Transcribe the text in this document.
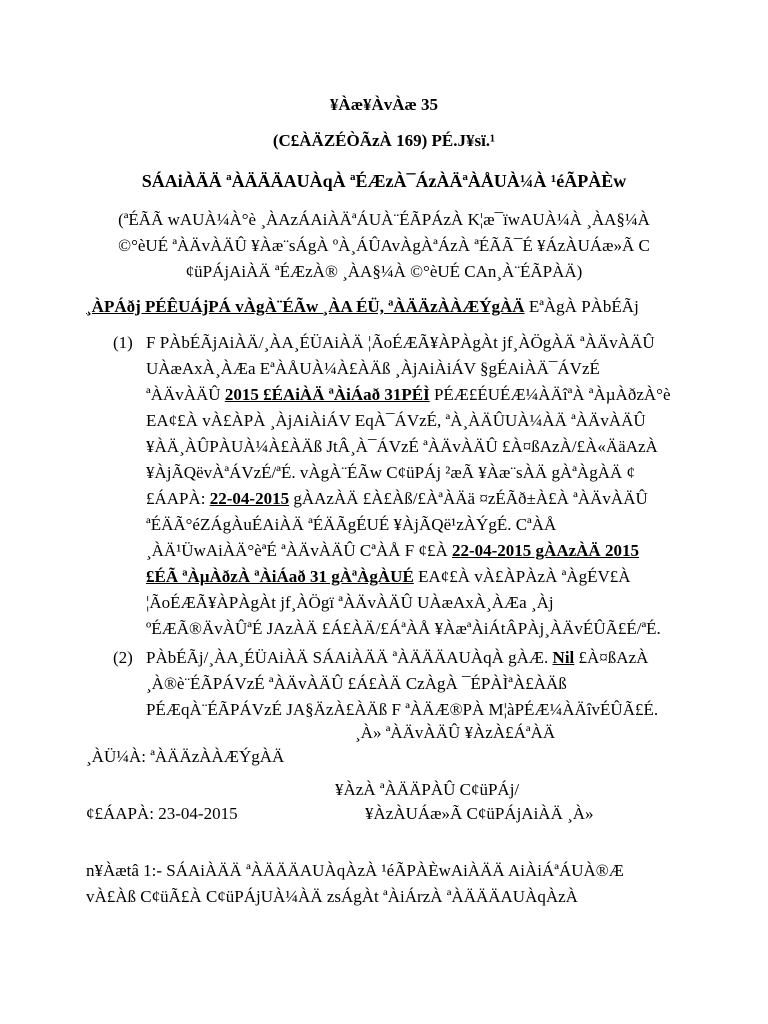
¥Àæ¥ÀvÀæ 35
(C£ÀÄZÉÒÃzÀ 169) PÉ.J¥sï.¹
SÁAiÀÄÄ ªÀÄÄÄAUÀqÀ ªÉÆzÀ¯ÁzÀÄªÀÅUÀ¼À ¹éÃPÀÈw
(ªÉÃÃ wAUÀ¼À°è ¸ÀAzÁAiÀÄªÁUÀ¨ÉÃPÁzÀ K¦æ¯ïwAUÀ¼À ¸ÀA§¼À
©°èUÉ ªÀÄvÀÄÛ ¥Àæ¨sÁgÀ ºÀ¸ÁÛAvÀgÀªÁzÀ ªÉÃÃ¯É ¥ÁzÀUÁæ»Ã C
¢üPÁjAiÀÄ ªÉÆzÀ® ¸ÀA§¼À ©°èUÉ CAn¸À¨ÉÃPÀÄ)
¸ÀPÁðj PÉÊUÁjPÁ vÀgÀ¨ÉÃw ¸ÀA ÉÜ, ªÀÄÄzÀÀÆÝgÀÄ EªÀgÀ PÀbÉÃj
(1) F PÀbÉÃjAiÀÄ/¸ÀA¸ÉÜAiÀÄ ¦ÃoÉÆÃ¥ÀPÀgÀt jf¸ÀÖgÀÄ ªÀÄvÀÄÛ
UÀæAxÀ¸ÀÆa EªÀÅUÀ¼À£ÀÄß ¸ÀjAiÀiÁV §gÉAiÀÄ¯ÁVzÉ
ªÀÄvÀÄÛ 2015 £ÉAiÀÄ ªÀiÁað 31PÉÌ PÉÆ£ÉUÉÆ¼ÀÄîªÀ ªÀµÀðzÀ°è
EA¢£À vÀ£ÀPÀ ¸ÀjAiÀiÁV EqÀ¯ÁVzÉ, ªÀ¸ÀÄÛUÀ¼ÀÄ ªÀÄvÀÄÛ
¥ÀÄ¸ÀÛPÀUÀ¼À£ÀÄß JtÂ¸À¯ÁVzÉ ªÀÄvÀÄÛ £À¤ßAzÀ/£À«ÄäAzÀ
¥ÀjÃQëvÀªÁVzÉ/ªÉ. vÀgÀ¨ÉÃw C¢üPÁj ²æÃ ¥Àæ¨sÀÄ gÀªÀgÀÄ ¢
£ÁAPÀ: 22-04-2015 gÀAzÀÄ £À£Àß/£ÀªÀÄä ¤zÉÃð±À£À ªÀÄvÀÄÛ
ªÉÄÃ°éZÁgÀuÉAiÀÄ ªÉÄÃgÉUÉ ¥ÀjÃQë¹zÀÝgÉ. CªÀÅ
¸ÀÄ¹ÜwAiÀÄ°èªÉ ªÀÄvÀÄÛ CªÀÅ F ¢£À 22-04-2015 gÀAzÀÄ 2015
£ÉÃ ªÀµÀðzÀ ªÀiÁað 31 gÀªÀgÀUÉ EA¢£À vÀ£ÀPÀzÀ ªÀgÉV£À
¦ÃoÉÆÃ¥ÀPÀgÀt jf¸ÀÖgï ªÀÄvÀÄÛ UÀæAxÀ¸ÀÆa ¸Àj
ºÉÆÃ®ÄvÀÛªÉ JAzÀÄ £Á£ÀÄ/£ÁªÀÅ ¥ÀæªÀiÁtÂPÀj¸ÀÄvÉÛÃ£É/ªÉ.
(2) PÀbÉÃj/¸ÀA¸ÉÜAiÀÄ SÁAiÀÄÄ ªÀÄÄÄAUÀqÀ gÀÆ. Nil £À¤ßAzÀ
¸À®è¨ÉÃPÁVzÉ ªÀÄvÀÄÛ £Á£ÀÄ CzÀgÀ ¯ÉPÀÌªÀ£ÀÄß
PÉÆqÀ¨ÉÃPÁVzÉ JA§ÄzÀ£ÀÄß F ªÀÄÆ®PÀ M¦àPÉÆ¼ÀÄîvÉÛÃ£É.
¸À» ªÀÄvÀÄÛ ¥ÀzÀ£ÁªÀÄ
¸ÀÜ¼À: ªÀÄÄzÀÀÆÝgÀÄ
¥ÀzÀ ªÀÄÄPÀÛ C¢üPÁj/
¢£ÁAPÀ: 23-04-2015	¥ÀzÀUÁæ»Ã C¢üPÁjAiÀÄ ¸À»
n¥Àætâ 1:- SÁAiÀÄÄ ªÀÄÄÄAUÀqÀzÀ ¹éÃPÀÈwAiÀÄÄ AiÀiÁªÁUÀ®Æ
vÀ£Àß C¢üÃ£À C¢üPÁjUÀ¼ÀÄ zsÁgÀt ªÀiÁrzÀ ªÀÄÄÄAUÀqÀzÀ
